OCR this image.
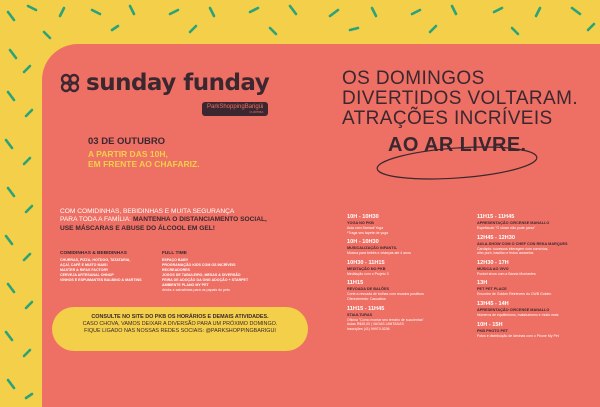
sunday funday
ParkShoppingBarigüi
CURITIBA
OS DOMINGOS
DIVERTIDOS VOLTARAM.
ATRAÇÕES INCRÍVEIS
AO AR LIVRE.
03 DE OUTUBRO
A PARTIR DAS 10H,
EM FRENTE AO CHAFARIZ.
COM COMIDINHAS, BEBIDINHAS E MUITA SEGURANÇA
PARA TODA A FAMÍLIA: MANTENHA O DISTANCIAMENTO SOCIAL,
USE MÁSCARAS E ABUSE DO ÁLCOOL EM GEL!
COMIDINHAS & BEBIDINHAS
CHURRAS, PIZZA, HOTDOG, TATATARIA,
AÇAÍ, CAFÉ E MUITO MAIS!
MASTER & RIFAS FACTORY
CERVEJA ARTESANAL OHNUP
VINHOS E ESPUMANTES BALBINO & MARTINS
FULL TIME
ESPAÇO BABY
PROGRAMAÇÃO KIDS COM OS INCRÍVEIS
RECREADORES
JOGOS DE TABULEIRO, MESAS & DIVERSÃO
FEIRA DE ADOÇÃO DA ONG ADOÇÃO + STARPET
AMBIENTE PLANO MY PET
drinks e salvatintas para os papais do pets
CONSULTE NO SITE DO PKB OS HORÁRIOS E DEMAIS ATIVIDADES.
CASO CHOVA, VAMOS DEIXAR A DIVERSÃO PARA UM PRÓXIMO DOMINGO.
FIQUE LIGADO NAS NOSSAS REDES SOCIAIS: @PARKSHOPPINGBARIGUI
10H - 10H30
YOGA NO PKB
Aula com Samadi Yoga
*Traga seu tapete de yoga
10H - 10H30
MUSICALIZAÇÃO INFANTIL
Música para bebês e crianças até 4 anos
10H30 - 11H15
MEDITAÇÃO NO PKB
Meditação com o Projeto 3
11H15
REVOADA DE BALÕES
Corte a revoada de bolhas com recados positivos
Oferecimento: Cacoativa
11H15 - 11H45
STAULTURAS
Oficina "Como montar seu terrário de suculentas"
Aulas R$45,00 | VAGAS LIMITADAS
Inscrições (41) 99970-0206
11H15 - 11H45
APRESENTAÇÃO CIRCENSE MANALLO
Espetáculo "O clown não pode parar"
12H45 - 12H30
AULA-SHOW COM O CHEF CON REKA MARQUES
Cardápio: sucessos interagem com convívios,
alho porô, basílico e frutos amarelos
12H30 - 17H
MÚSICA AO VIVO
Pocket show com a Banda Montantes
13H
PET PET PLACE
Encontro de Golden Retrievers do CWB Golden
13H45 - 14H
APRESENTAÇÃO CIRCENSE MANALLO
Números de equilibrismo, malabarismo e muito mais
10H - 15H
PKB PHOTO PET
Fotos e distribuição de lâminas com o Phone My Pet
